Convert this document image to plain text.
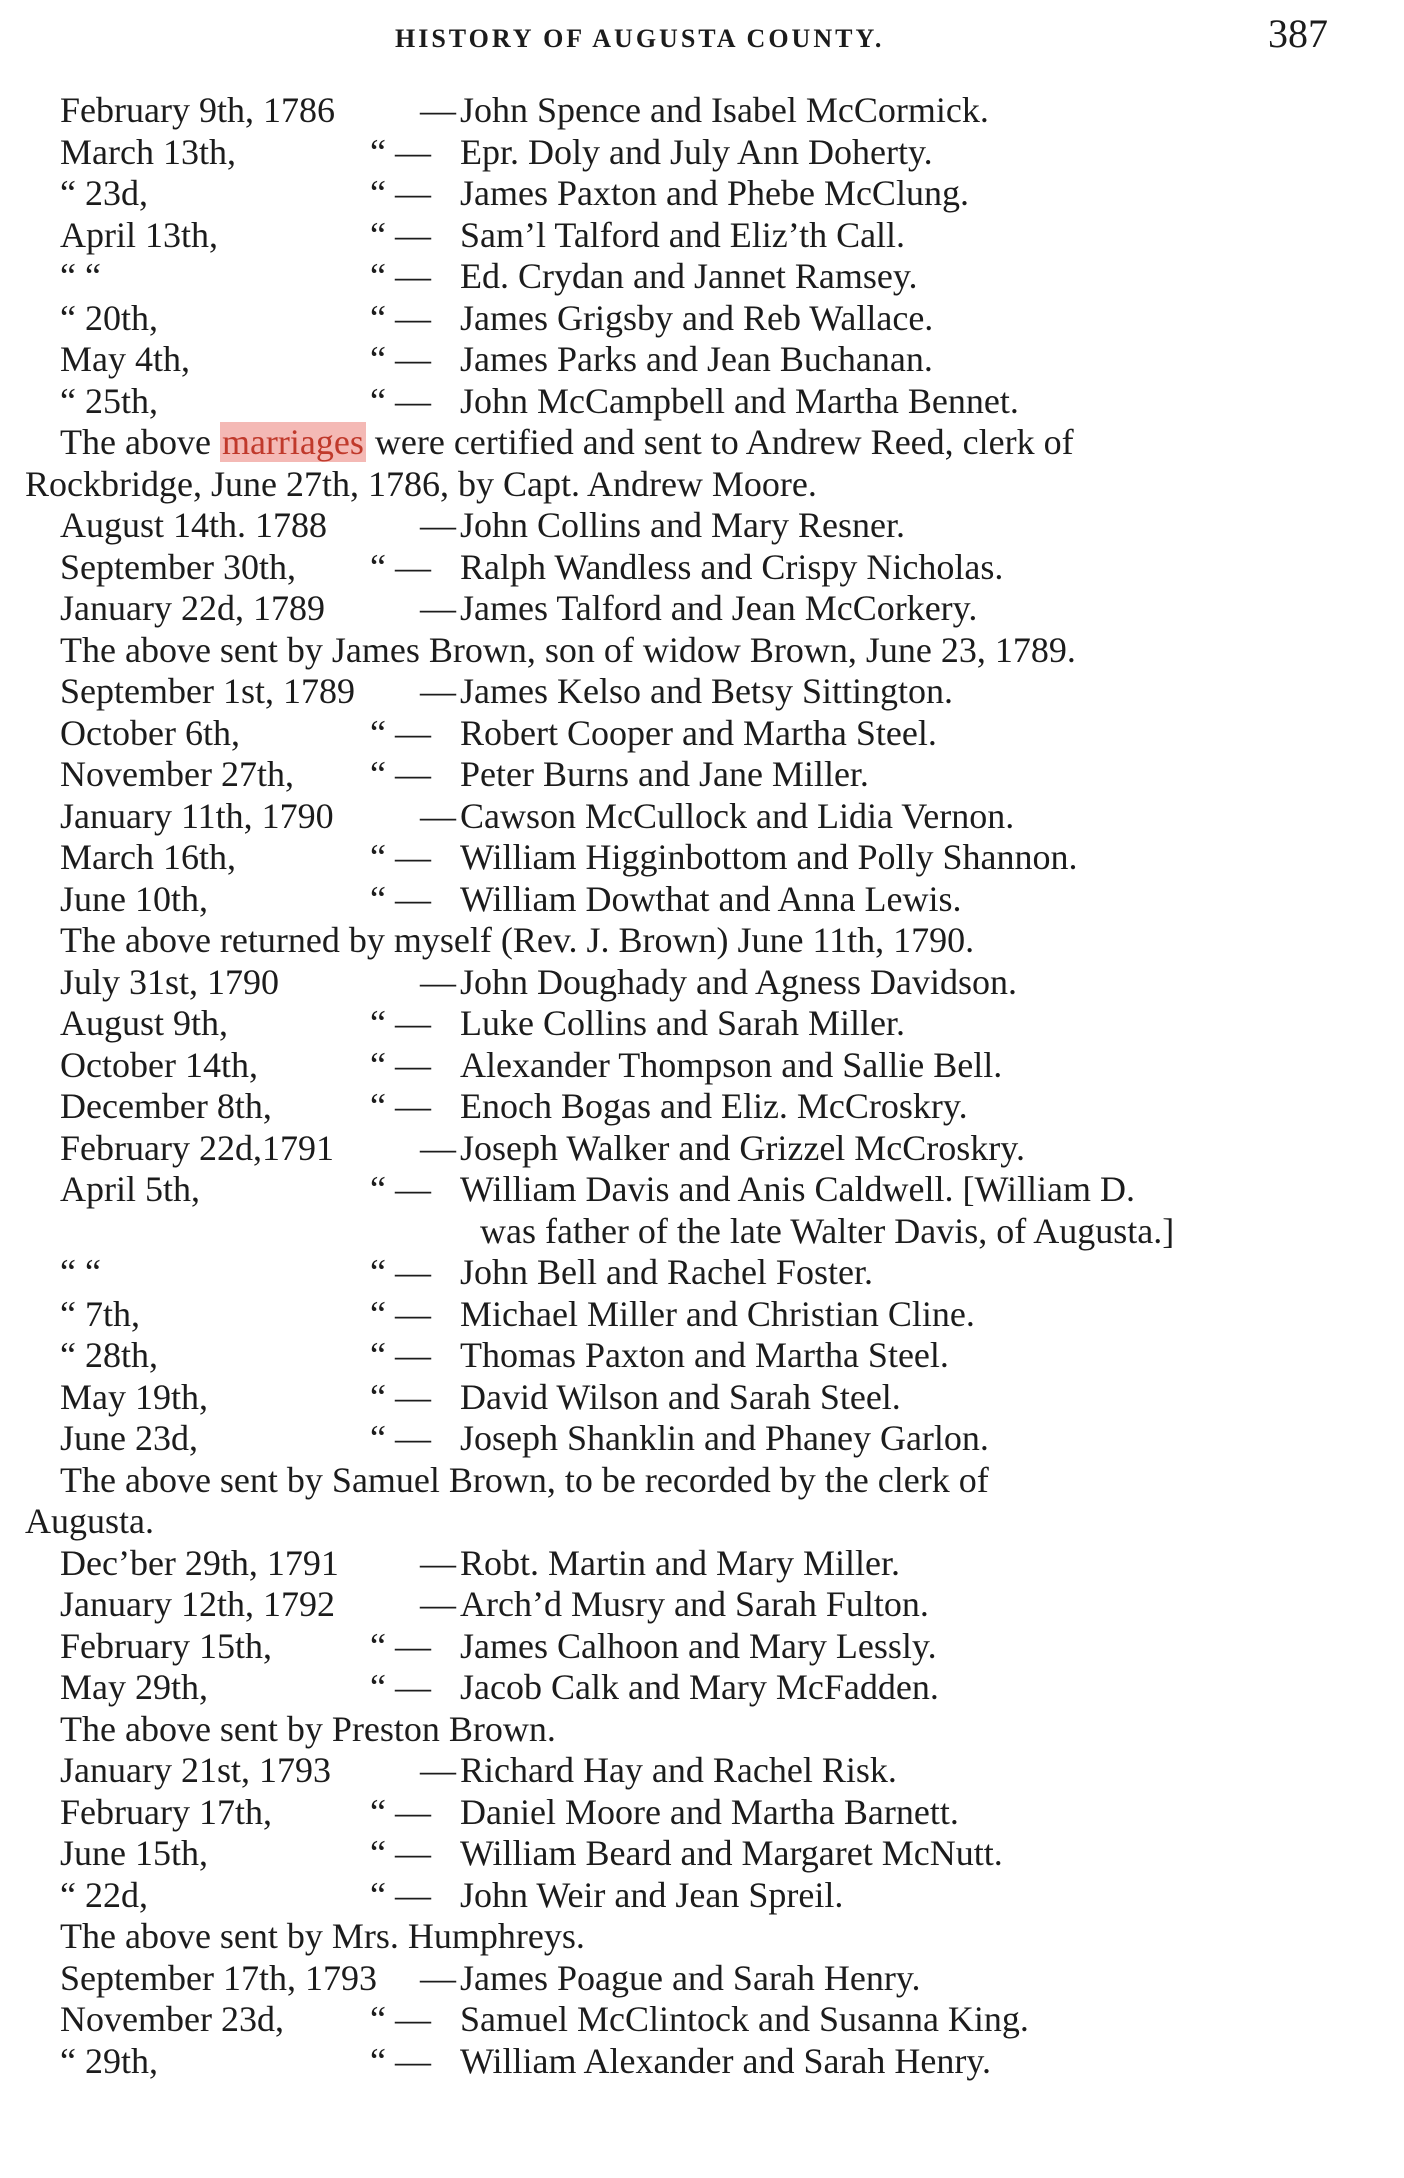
HISTORY OF AUGUSTA COUNTY.	387
February 9th, 1786 — John Spence and Isabel McCormick.
March 13th,	“ — Epr. Doly and July Ann Doherty.
“ 23d,	“ — James Paxton and Phebe McClung.
April 13th,	“ — Sam’l Talford and Eliz’th Call.
“ “	“ — Ed. Crydan and Jannet Ramsey.
“ 20th,	“ — James Grigsby and Reb Wallace.
May 4th,	“ — James Parks and Jean Buchanan.
“ 25th,	“ — John McCampbell and Martha Bennet.
The above marriages were certified and sent to Andrew Reed, clerk of
Rockbridge, June 27th, 1786, by Capt. Andrew Moore.
August 14th. 1788	— John Collins and Mary Resner.
September 30th, “ — Ralph Wandless and Crispy Nicholas.
January 22d, 1789	— James Talford and Jean McCorkery.
The above sent by James Brown, son of widow Brown, June 23, 1789.
September 1st, 1789 — James Kelso and Betsy Sittington.
October 6th,	“ — Robert Cooper and Martha Steel.
November 27th, “ — Peter Burns and Jane Miller.
January 11th, 1790 — Cawson McCullock and Lidia Vernon.
March 16th,	“ — William Higginbottom and Polly Shannon.
June 10th,	“ — William Dowthat and Anna Lewis.
The above returned by myself (Rev. J. Brown) June 11th, 1790.
July 31st, 1790	— John Doughady and Agness Davidson.
August 9th,	“ — Luke Collins and Sarah Miller.
October 14th,	“ — Alexander Thompson and Sallie Bell.
December 8th,	“ — Enoch Bogas and Eliz. McCroskry.
February 22d,1791 — Joseph Walker and Grizzel McCroskry.
April 5th,	“ — William Davis and Anis Caldwell. [William D.
was father of the late Walter Davis, of Augusta.]
“ “	“ — John Bell and Rachel Foster.
“ 7th,	“ — Michael Miller and Christian Cline.
“ 28th,	“ — Thomas Paxton and Martha Steel.
May 19th,	“ — David Wilson and Sarah Steel.
June 23d,	“ — Joseph Shanklin and Phaney Garlon.
The above sent by Samuel Brown, to be recorded by the clerk of
Augusta.
Dec’ber 29th, 1791 — Robt. Martin and Mary Miller.
January 12th, 1792 — Arch’d Musry and Sarah Fulton.
February 15th,	“ — James Calhoon and Mary Lessly.
May 29th,	“ — Jacob Calk and Mary McFadden.
The above sent by Preston Brown.
January 21st, 1793 — Richard Hay and Rachel Risk.
February 17th,	“ — Daniel Moore and Martha Barnett.
June 15th,	“ — William Beard and Margaret McNutt.
“ 22d,	“ — John Weir and Jean Spreil.
The above sent by Mrs. Humphreys.
September 17th, 1793 — James Poague and Sarah Henry.
November 23d, “ — Samuel McClintock and Susanna King.
“ 29th,	“ — William Alexander and Sarah Henry.
